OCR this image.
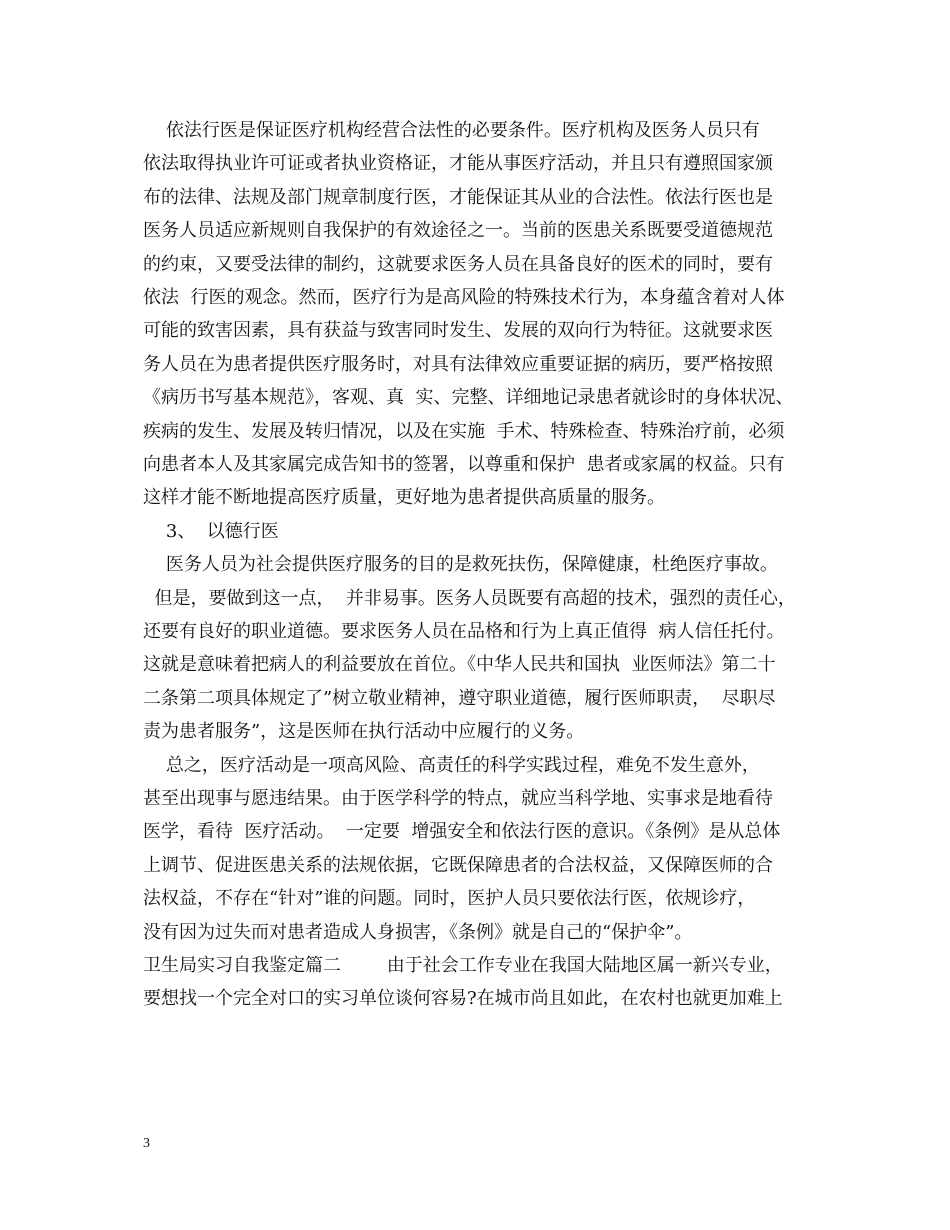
依法行医是保证医疗机构经营合法性的必要条件。医疗机构及医务人员只有
依法取得执业许可证或者执业资格证，才能从事医疗活动，并且只有遵照国家颁
布的法律、法规及部门规章制度行医，才能保证其从业的合法性。依法行医也是
医务人员适应新规则自我保护的有效途径之一。当前的医患关系既要受道德规范
的约束，又要受法律的制约，这就要求医务人员在具备良好的医术的同时，要有
依法  行医的观念。然而，医疗行为是高风险的特殊技术行为，本身蕴含着对人体
可能的致害因素，具有获益与致害同时发生、发展的双向行为特征。这就要求医
务人员在为患者提供医疗服务时，对具有法律效应重要证据的病历，要严格按照
《病历书写基本规范》，客观、真  实、完整、详细地记录患者就诊时的身体状况、
疾病的发生、发展及转归情况，以及在实施  手术、特殊检查、特殊治疗前，必须
向患者本人及其家属完成告知书的签署，以尊重和保护  患者或家属的权益。只有
这样才能不断地提高医疗质量，更好地为患者提供高质量的服务。
3、  以德行医
医务人员为社会提供医疗服务的目的是救死扶伤，保障健康，杜绝医疗事故。
但是，要做到这一点，  并非易事。医务人员既要有高超的技术，强烈的责任心，
还要有良好的职业道德。要求医务人员在品格和行为上真正值得  病人信任托付。
这就是意味着把病人的利益要放在首位。《中华人民共和国执  业医师法》第二十
二条第二项具体规定了”树立敬业精神，遵守职业道德，履行医师职责，  尽职尽
责为患者服务”，这是医师在执行活动中应履行的义务。
总之，医疗活动是一项高风险、高责任的科学实践过程，难免不发生意外，
甚至出现事与愿违结果。由于医学科学的特点，就应当科学地、实事求是地看待
医学，看待  医疗活动。  一定要  增强安全和依法行医的意识。《条例》是从总体
上调节、促进医患关系的法规依据，它既保障患者的合法权益，又保障医师的合
法权益，不存在“针对”谁的问题。同时，医护人员只要依法行医，依规诊疗，
没有因为过失而对患者造成人身损害，《条例》就是自己的“保护伞”。
卫生局实习自我鉴定篇二        由于社会工作专业在我国大陆地区属一新兴专业，
要想找一个完全对口的实习单位谈何容易?在城市尚且如此，在农村也就更加难上
3
